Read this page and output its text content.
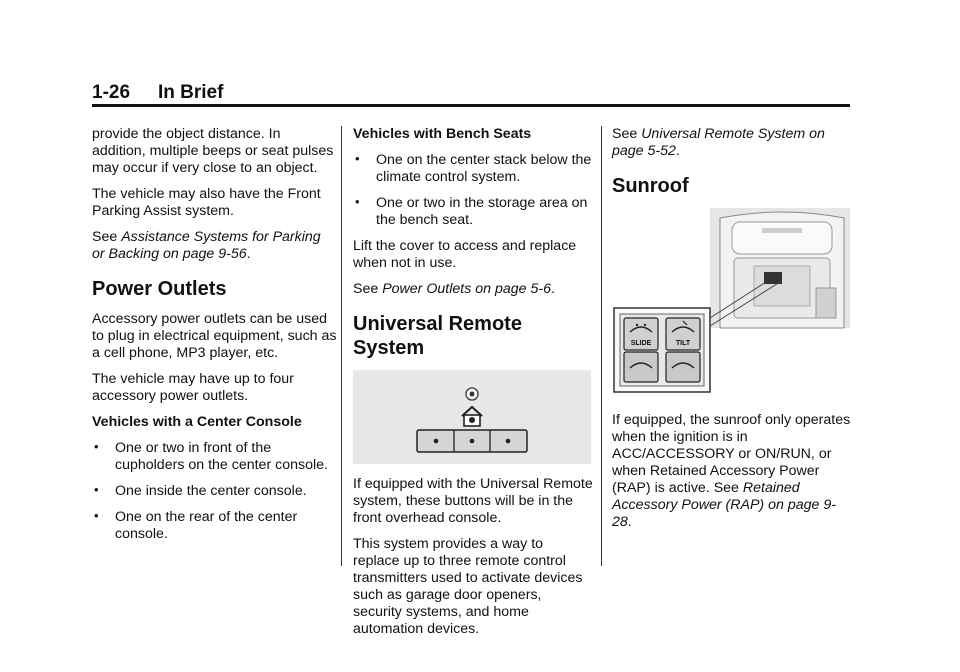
1-26 In Brief

provide the object distance. In addition, multiple beeps or seat pulses may occur if very close to an object.

The vehicle may also have the Front Parking Assist system.

See Assistance Systems for Parking or Backing on page 9-56.

Power Outlets

Accessory power outlets can be used to plug in electrical equipment, such as a cell phone, MP3 player, etc.

The vehicle may have up to four accessory power outlets.

Vehicles with a Center Console

• One or two in front of the cupholders on the center console.
• One inside the center console.
• One on the rear of the center console.

Vehicles with Bench Seats

• One on the center stack below the climate control system.
• One or two in the storage area on the bench seat.

Lift the cover to access and replace when not in use.

See Power Outlets on page 5-6.

Universal Remote System

If equipped with the Universal Remote system, these buttons will be in the front overhead console.

This system provides a way to replace up to three remote control transmitters used to activate devices such as garage door openers, security systems, and home automation devices.

See Universal Remote System on page 5-52.

Sunroof
SLIDE	TILT

If equipped, the sunroof only operates when the ignition is in ACC/ACCESSORY or ON/RUN, or when Retained Accessory Power (RAP) is active. See Retained Accessory Power (RAP) on page 9-28.
